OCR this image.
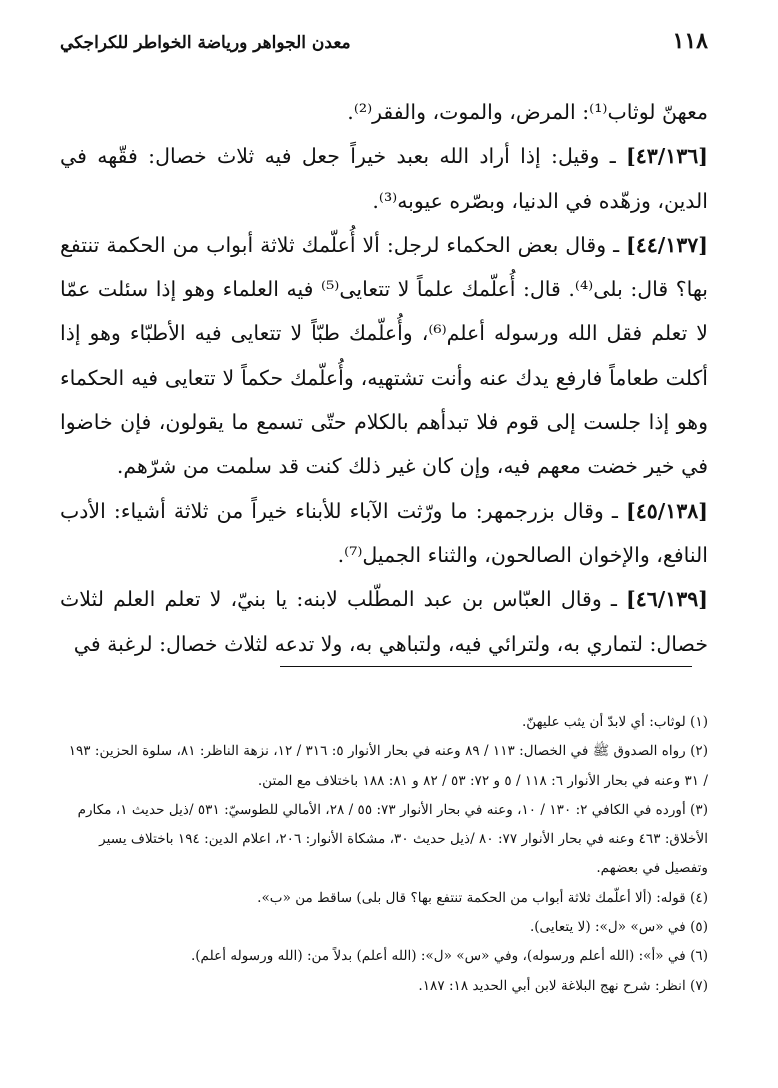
١١٨
معدن الجواهر ورياضة الخواطر للكراجكي

معهنّ لوثاب⁽¹⁾: المرض، والموت، والفقر⁽²⁾.

[٤٣/١٣٦] ـ وقيل: إذا أراد الله بعبد خيراً جعل فيه ثلاث خصال: فقّهه في الدين، وزهّده في الدنيا، وبصّره عيوبه⁽³⁾.

[٤٤/١٣٧] ـ وقال بعض الحكماء لرجل: ألا أُعلّمك ثلاثة أبواب من الحكمة تنتفع بها؟ قال: بلى⁽⁴⁾. قال: أُعلّمك علماً لا تتعايى⁽⁵⁾ فيه العلماء وهو إذا سئلت عمّا لا تعلم فقل الله ورسوله أعلم⁽⁶⁾، وأُعلّمك طبّاً لا تتعايى فيه الأطبّاء وهو إذا أكلت طعاماً فارفع يدك عنه وأنت تشتهيه، وأُعلّمك حكماً لا تتعايى فيه الحكماء وهو إذا جلست إلى قوم فلا تبدأهم بالكلام حتّى تسمع ما يقولون، فإن خاضوا في خير خضت معهم فيه، وإن كان غير ذلك كنت قد سلمت من شرّهم.

[٤٥/١٣٨] ـ وقال بزرجمهر: ما ورّثت الآباء للأبناء خيراً من ثلاثة أشياء: الأدب النافع، والإخوان الصالحون، والثناء الجميل⁽⁷⁾.

[٤٦/١٣٩] ـ وقال العبّاس بن عبد المطّلب لابنه: يا بنيّ، لا تعلم العلم لثلاث خصال: لتماري به، ولترائي فيه، ولتباهي به، ولا تدعه لثلاث خصال: لرغبة في

(١) لوثاب: أي لابدّ أن يثب عليهنّ.

(٢) رواه الصدوق ﷺ في الخصال: ١١٣ / ٨٩ وعنه في بحار الأنوار ٥: ٣١٦ / ١٢، نزهة الناظر: ٨١، سلوة الحزين: ١٩٣ / ٣١ وعنه في بحار الأنوار ٦: ١١٨ / ٥ و ٧٢: ٥٣ / ٨٢ و ٨١: ١٨٨ باختلاف مع المتن.

(٣) أورده في الكافي ٢: ١٣٠ / ١٠، وعنه في بحار الأنوار ٧٣: ٥٥ / ٢٨، الأمالي للطوسيّ: ٥٣١ /ذيل حديث ١، مكارم الأخلاق: ٤٦٣ وعنه في بحار الأنوار ٧٧: ٨٠ /ذيل حديث ٣٠، مشكاة الأنوار: ٢٠٦، اعلام الدين: ١٩٤ باختلاف يسير وتفصيل في بعضهم.

(٤) قوله: (ألا أعلّمك ثلاثة أبواب من الحكمة تنتفع بها؟ قال بلى) ساقط من «ب».

(٥) في «س» «ل»: (لا يتعايى).

(٦) في «أ»: (الله أعلم ورسوله)، وفي «س» «ل»: (الله أعلم) بدلاً من: (الله ورسوله أعلم).

(٧) انظر: شرح نهج البلاغة لابن أبي الحديد ١٨: ١٨٧.
